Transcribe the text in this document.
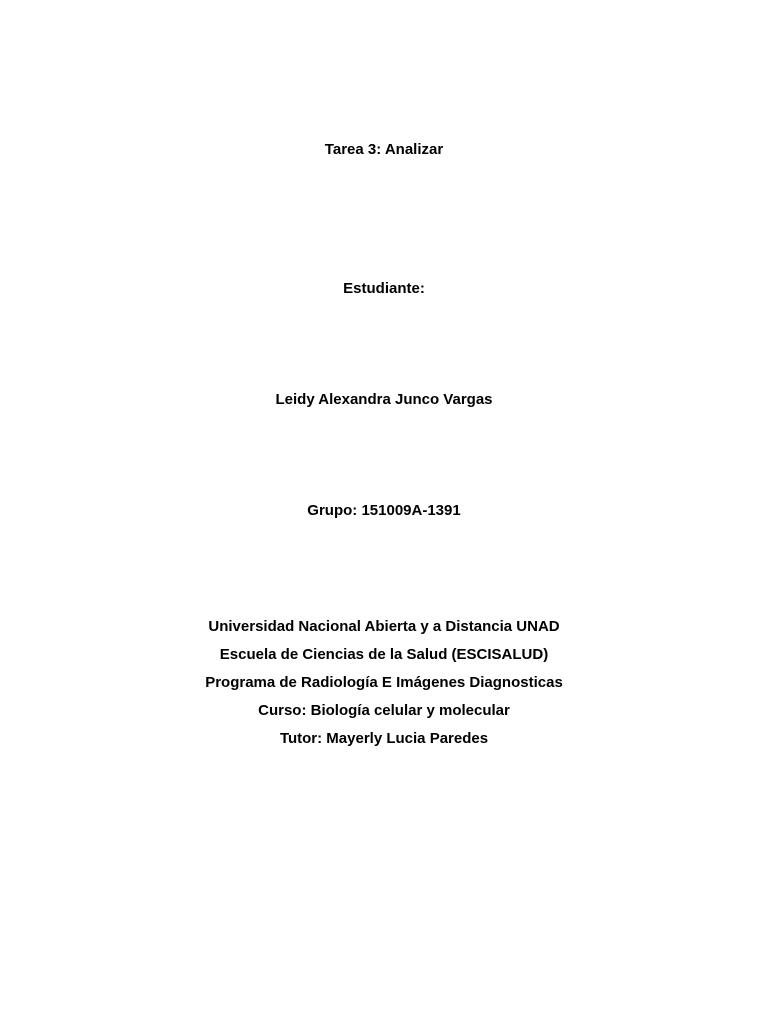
Tarea 3: Analizar
Estudiante:
Leidy Alexandra Junco Vargas
Grupo: 151009A-1391
Universidad Nacional Abierta y a Distancia UNAD
Escuela de Ciencias de la Salud (ESCISALUD)
Programa de Radiología E Imágenes Diagnosticas
Curso: Biología celular y molecular
Tutor: Mayerly Lucia Paredes
